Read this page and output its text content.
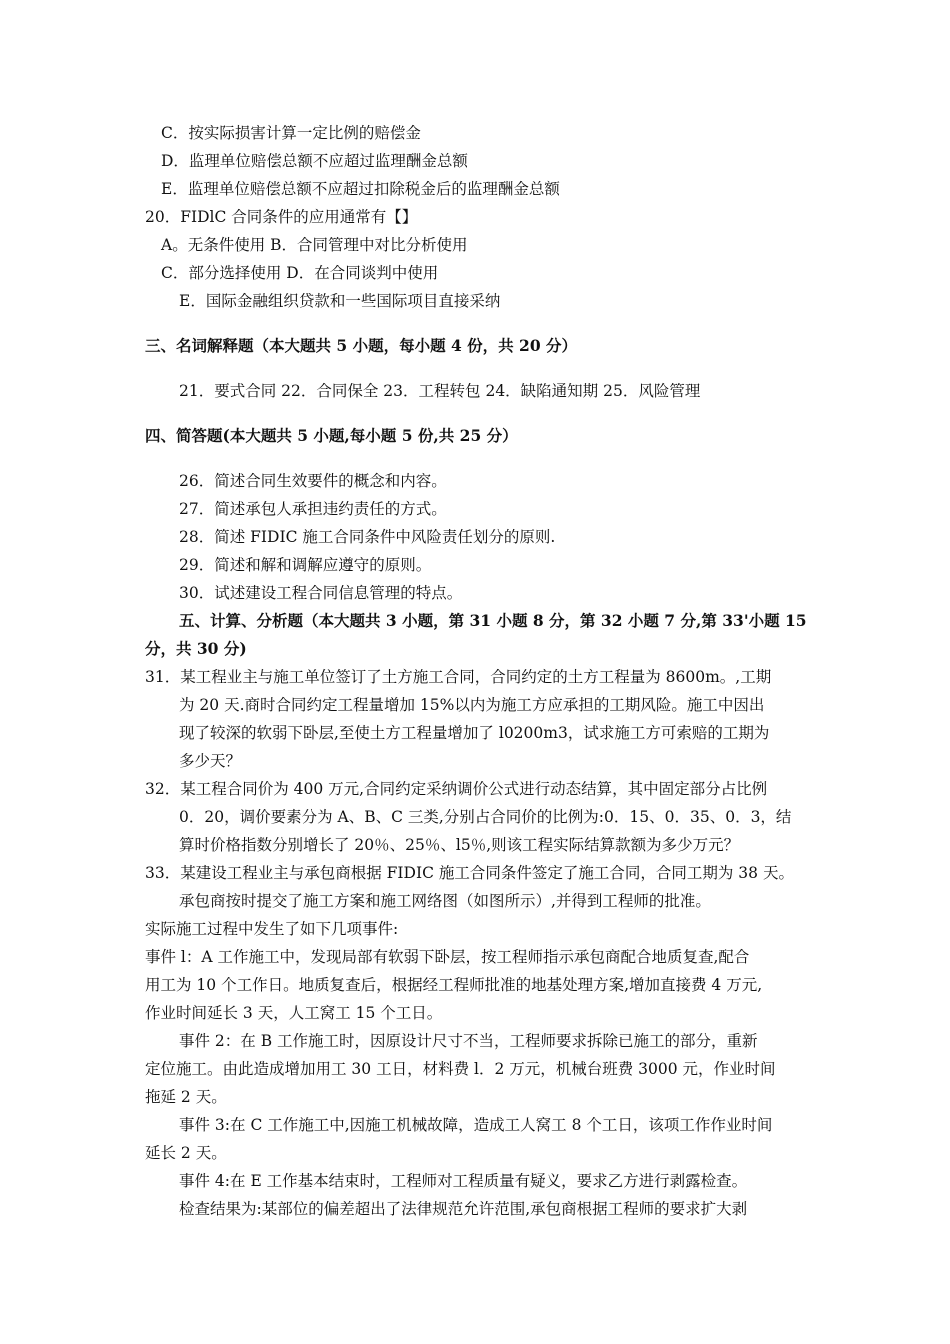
C．按实际损害计算一定比例的赔偿金
D．监理单位赔偿总额不应超过监理酬金总额
E．监理单位赔偿总额不应超过扣除税金后的监理酬金总额
20．FIDlC 合同条件的应用通常有【】
A。无条件使用 B．合同管理中对比分析使用
C．部分选择使用 D．在合同谈判中使用
E．国际金融组织贷款和一些国际项目直接采纳
三、名词解释题（本大题共 5 小题，每小题 4 份，共 20 分）
21．要式合同 22．合同保全 23．工程转包 24．缺陷通知期 25．风险管理
四、简答题(本大题共 5 小题,每小题 5 份,共 25 分）
26．简述合同生效要件的概念和内容。
27．简述承包人承担违约责任的方式。
28．简述 FIDIC 施工合同条件中风险责任划分的原则.
29．简述和解和调解应遵守的原则。
30．试述建设工程合同信息管理的特点。
五、计算、分析题（本大题共 3 小题，第 31 小题 8 分，第 32 小题 7 分,第 33'小题 15
分，共 30 分)
31．某工程业主与施工单位签订了土方施工合同，合同约定的土方工程量为 8600m。,工期
为 20 天.商时合同约定工程量增加 15%以内为施工方应承担的工期风险。施工中因出
现了较深的软弱下卧层,至使土方工程量增加了 l0200m3，试求施工方可索赔的工期为
多少天？
32．某工程合同价为 400 万元,合同约定采纳调价公式进行动态结算，其中固定部分占比例
0．20，调价要素分为 A、B、C 三类,分别占合同价的比例为:0．15、0．35、0．3，结
算时价格指数分别增长了 20％、25％、l5％,则该工程实际结算款额为多少万元？
33．某建设工程业主与承包商根据 FIDIC 施工合同条件签定了施工合同，合同工期为 38 天。
承包商按时提交了施工方案和施工网络图（如图所示）,并得到工程师的批准。
实际施工过程中发生了如下几项事件:
事件 l：A 工作施工中，发现局部有软弱下卧层，按工程师指示承包商配合地质复查,配合
用工为 10 个工作日。地质复查后，根据经工程师批准的地基处理方案,增加直接费 4 万元,
作业时间延长 3 天，人工窝工 15 个工日。
事件 2：在 B 工作施工时，因原设计尺寸不当，工程师要求拆除已施工的部分，重新
定位施工。由此造成增加用工 30 工日，材料费 l．2 万元，机械台班费 3000 元，作业时间
拖延 2 天。
事件 3:在 C 工作施工中,因施工机械故障，造成工人窝工 8 个工日，该项工作作业时间
延长 2 天。
事件 4:在 E 工作基本结束时，工程师对工程质量有疑义，要求乙方进行剥露检查。
检查结果为:某部位的偏差超出了法律规范允许范围,承包商根据工程师的要求扩大剥
